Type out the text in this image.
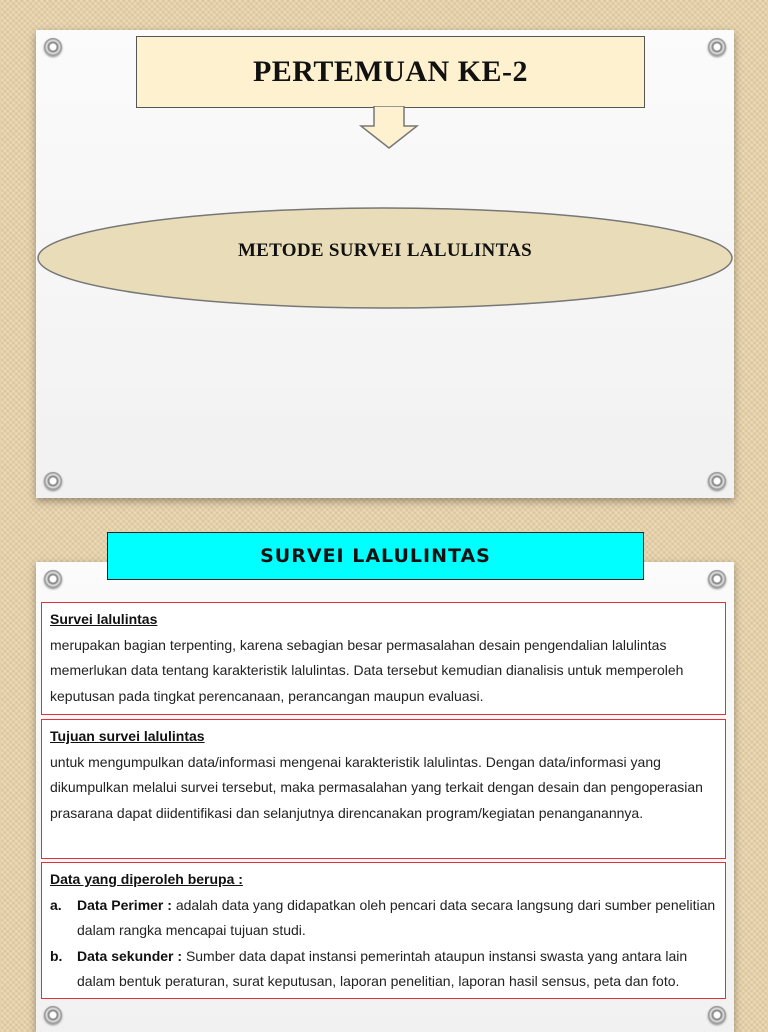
PERTEMUAN KE-2
METODE SURVEI LALULINTAS
SURVEI LALULINTAS
Survei lalulintas

merupakan bagian terpenting, karena sebagian besar permasalahan desain pengendalian lalulintas memerlukan data tentang karakteristik lalulintas. Data tersebut kemudian dianalisis untuk memperoleh keputusan pada tingkat perencanaan, perancangan maupun evaluasi.

Tujuan survei lalulintas

untuk mengumpulkan data/informasi mengenai karakteristik lalulintas. Dengan data/informasi yang dikumpulkan melalui survei tersebut, maka permasalahan yang terkait dengan desain dan pengoperasian prasarana dapat diidentifikasi dan selanjutnya direncanakan program/kegiatan penanganannya.

Data yang diperoleh berupa :
a.	Data Perimer : adalah data yang didapatkan oleh pencari data secara langsung dari sumber penelitian dalam rangka mencapai tujuan studi.
b.	Data sekunder : Sumber data dapat instansi pemerintah ataupun instansi swasta yang antara lain dalam bentuk peraturan, surat keputusan, laporan penelitian, laporan hasil sensus, peta dan foto.
